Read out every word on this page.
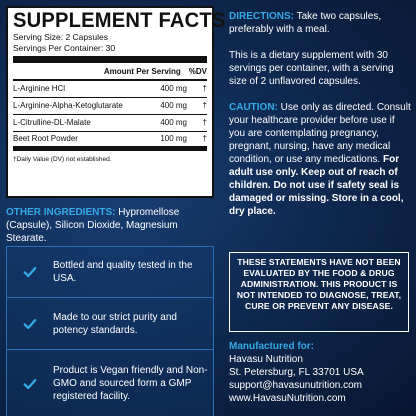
SUPPLEMENT FACTS
Serving Size: 2 Capsules
Servings Per Container: 30
Amount Per Serving %DV
L-Arginine HCl	400 mg	†
L-Arginine-Alpha-Ketoglutarate	400 mg	†
L-Citrulline-DL-Malate	400 mg	†
Beet Root Powder	100 mg	†
†Daily Value (DV) not established.
OTHER INGREDIENTS: Hypromellose (Capsule), Silicon Dioxide, Magnesium Stearate.
Bottled and quality tested in the USA.
Made to our strict purity and potency standards.
Product is Vegan friendly and Non-GMO and sourced form a GMP registered facility.

DIRECTIONS: Take two capsules, preferably with a meal.

This is a dietary supplement with 30 servings per container, with a serving size of 2 unflavored capsules.

CAUTION: Use only as directed. Consult your healthcare provider before use if you are contemplating pregnancy, pregnant, nursing, have any medical condition, or use any medications. For adult use only. Keep out of reach of children. Do not use if safety seal is damaged or missing. Store in a cool, dry place.

THESE STATEMENTS HAVE NOT BEEN EVALUATED BY THE FOOD & DRUG ADMINISTRATION. THIS PRODUCT IS NOT INTENDED TO DIAGNOSE, TREAT, CURE OR PREVENT ANY DISEASE.
Manufactured for:
Havasu Nutrition
St. Petersburg, FL 33701 USA
support@havasunutrition.com
www.HavasuNutrition.com
